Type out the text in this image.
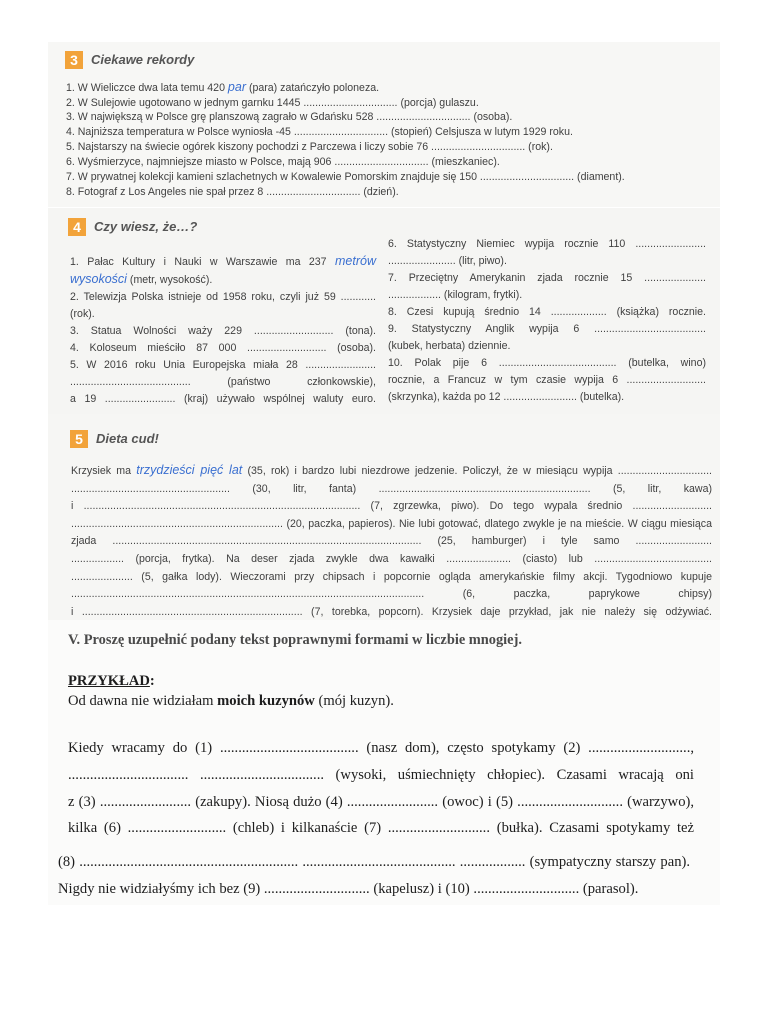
3	Ciekawe rekordy
1. W Wieliczce dwa lata temu 420 par (para) zatańczyło poloneza.
2. W Sulejowie ugotowano w jednym garnku 1445 ................................ (porcja) gulaszu.
3. W największą w Polsce grę planszową zagrało w Gdańsku 528 ................................ (osoba).
4. Najniższa temperatura w Polsce wyniosła -45 ................................ (stopień) Celsjusza w lutym 1929 roku.
5. Najstarszy na świecie ogórek kiszony pochodzi z Parczewa i liczy sobie 76 ................................ (rok).
6. Wyśmierzyce, najmniejsze miasto w Polsce, mają 906 ................................ (mieszkaniec).
7. W prywatnej kolekcji kamieni szlachetnych w Kowalewie Pomorskim znajduje się 150 ................................ (diament).
8. Fotograf z Los Angeles nie spał przez 8 ................................ (dzień).
4	Czy wiesz, że…?
1. Pałac Kultury i Nauki w Warszawie ma 237 metrów
wysokości (metr, wysokość).
2. Telewizja Polska istnieje od 1958 roku, czyli już 59 ............
(rok).
3. Statua Wolności waży 229 ........................... (tona).
4. Koloseum mieściło 87 000 ........................... (osoba).
5. W 2016 roku Unia Europejska miała 28 ........................
......................................... (państwo członkowskie),
a 19 ........................ (kraj) używało wspólnej waluty euro.
6. Statystyczny Niemiec wypija rocznie 110 ........................
....................... (litr, piwo).
7. Przeciętny Amerykanin zjada rocznie 15 .....................
.................. (kilogram, frytki).
8. Czesi kupują średnio 14 ................... (książka) rocznie.
9. Statystyczny Anglik wypija 6 ......................................
(kubek, herbata) dziennie.
10. Polak pije 6 ........................................ (butelka, wino)
rocznie, a Francuz w tym czasie wypija 6 ...........................
(skrzynka), każda po 12 ......................... (butelka).
5	Dieta cud!
Krzysiek ma trzydzieści pięć lat (35, rok) i bardzo lubi niezdrowe jedzenie. Policzył, że w miesiącu wypija ................................
...................................................... (30, litr, fanta) ........................................................................ (5, litr, kawa)
i .............................................................................................. (7, zgrzewka, piwo). Do tego wypala średnio ...........................
........................................................................ (20, paczka, papieros). Nie lubi gotować, dlatego zwykle je na mieście. W ciągu miesiąca
zjada ......................................................................................................... (25, hamburger) i tyle samo ..........................
.................. (porcja, frytka). Na deser zjada zwykle dwa kawałki ...................... (ciasto) lub ........................................
..................... (5, gałka lody). Wieczorami przy chipsach i popcornie ogląda amerykańskie filmy akcji. Tygodniowo kupuje
........................................................................................................................ (6, paczka, paprykowe chipsy)
i ........................................................................... (7, torebka, popcorn). Krzysiek daje przykład, jak nie należy się odżywiać.
V. Proszę uzupełnić podany tekst poprawnymi formami w liczbie mnogiej.
PRZYKŁAD:
Od dawna nie widziałam moich kuzynów (mój kuzyn).
Kiedy wracamy do (1) ...................................... (nasz dom), często spotykamy (2) ............................,
................................. .................................. (wysoki, uśmiechnięty chłopiec). Czasami wracają oni
z (3) ......................... (zakupy). Niosą dużo (4) ......................... (owoc) i (5) ............................. (warzywo),
kilka (6) ........................... (chleb) i kilkanaście (7) ............................ (bułka). Czasami spotykamy też
(8) ............................................................ .......................................... .................. (sympatyczny starszy pan).
Nigdy nie widziałyśmy ich bez (9) ............................. (kapelusz) i (10) ............................. (parasol).
